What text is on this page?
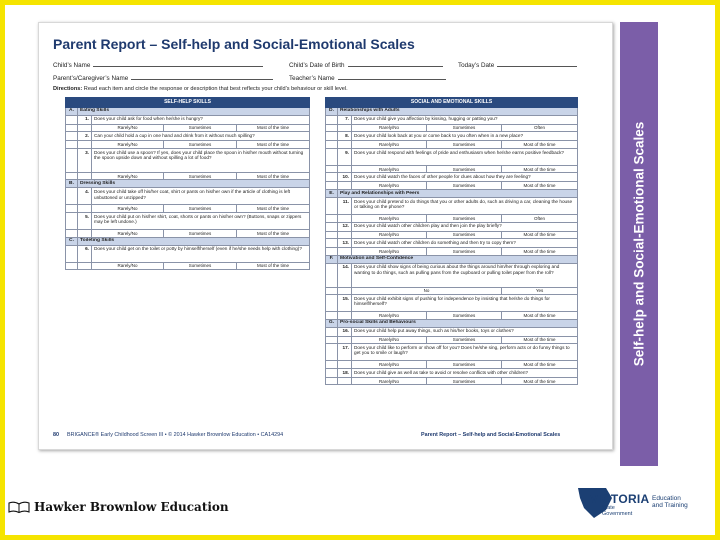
Parent Report – Self-help and Social-Emotional Scales
Child’s Name	Child’s Date of Birth	Today’s Date
Parent’s/Caregiver’s Name	Teacher’s Name
Directions: Read each item and circle the response or description that best reflects your child’s behaviour or skill level.
SELF-HELP SKILLS				
A.	Eating Skills			
	1.	Does your child ask for food when he/she is hungry?		
		Rarely/No	Sometimes	Most of the time
	2.	Can your child hold a cup in one hand and drink from it without much spilling?		
		Rarely/No	Sometimes	Most of the time
	3.	Does your child use a spoon? If yes, does your child place the spoon in his/her mouth without turning the spoon upside down and without spilling a lot of food?		
		Rarely/No	Sometimes	Most of the time
B.	Dressing Skills			
	4.	Does your child take off his/her coat, shirt or pants on his/her own if the article of clothing is left unbuttoned or unzipped?		
		Rarely/No	Sometimes	Most of the time
	5.	Does your child put on his/her shirt, coat, shorts or pants on his/her own? (Buttons, snaps or zippers may be left undone.)		
		Rarely/No	Sometimes	Most of the time
C.	Toileting Skills			
	6.	Does your child get on the toilet or potty by himself/herself (even if he/she needs help with clothing)?		
		Rarely/No	Sometimes	Most of the time
SOCIAL AND EMOTIONAL SKILLS				
D.	Relationships with Adults			
	7.	Does your child give you affection by kissing, hugging or patting you?		
		Rarely/No	Sometimes	Often
	8.	Does your child look back at you or come back to you often when in a new place?		
		Rarely/No	Sometimes	Most of the time
	9.	Does your child respond with feelings of pride and enthusiasm when he/she earns positive feedback?		
		Rarely/No	Sometimes	Most of the time
	10.	Does your child watch the faces of other people for clues about how they are feeling?		
		Rarely/No	Sometimes	Most of the time
E.	Play and Relationships with Peers			
	11.	Does your child pretend to do things that you or other adults do, such as driving a car, cleaning the house or talking on the phone?		
		Rarely/No	Sometimes	Often
	12.	Does your child watch other children play and then join the play briefly?		
		Rarely/No	Sometimes	Most of the time
	13.	Does your child watch other children do something and then try to copy them?		
		Rarely/No	Sometimes	Most of the time
F.	Motivation and Self-Confidence			
	14.	Does your child show signs of being curious about the things around him/her through exploring and wanting to do things, such as pulling pans from the cupboard or pulling toilet paper from the roll?		
		No		Yes
	15.	Does your child exhibit signs of pushing for independence by insisting that he/she do things for himself/herself?		
		Rarely/No	Sometimes	Most of the time
G.	Pro-social Skills and Behaviours			
	16.	Does your child help put away things, such as his/her books, toys or clothes?		
		Rarely/No	Sometimes	Most of the time
	17.	Does your child like to perform or show off for you? Does he/she sing, perform acts or do funny things to get you to smile or laugh?		
		Rarely/No	Sometimes	Most of the time
	18.	Does your child give as well as take to avoid or resolve conflicts with other children?		
		Rarely/No	Sometimes	Most of the time
80 BRIGANCE® Early Childhood Screen III • © 2014 Hawker Brownlow Education • CA14294	Parent Report – Self-help and Social-Emotional Scales
Self-help and Social-Emotional Scales
Hawker Brownlow Education
VICTORIA
State
Government
Education
and Training
